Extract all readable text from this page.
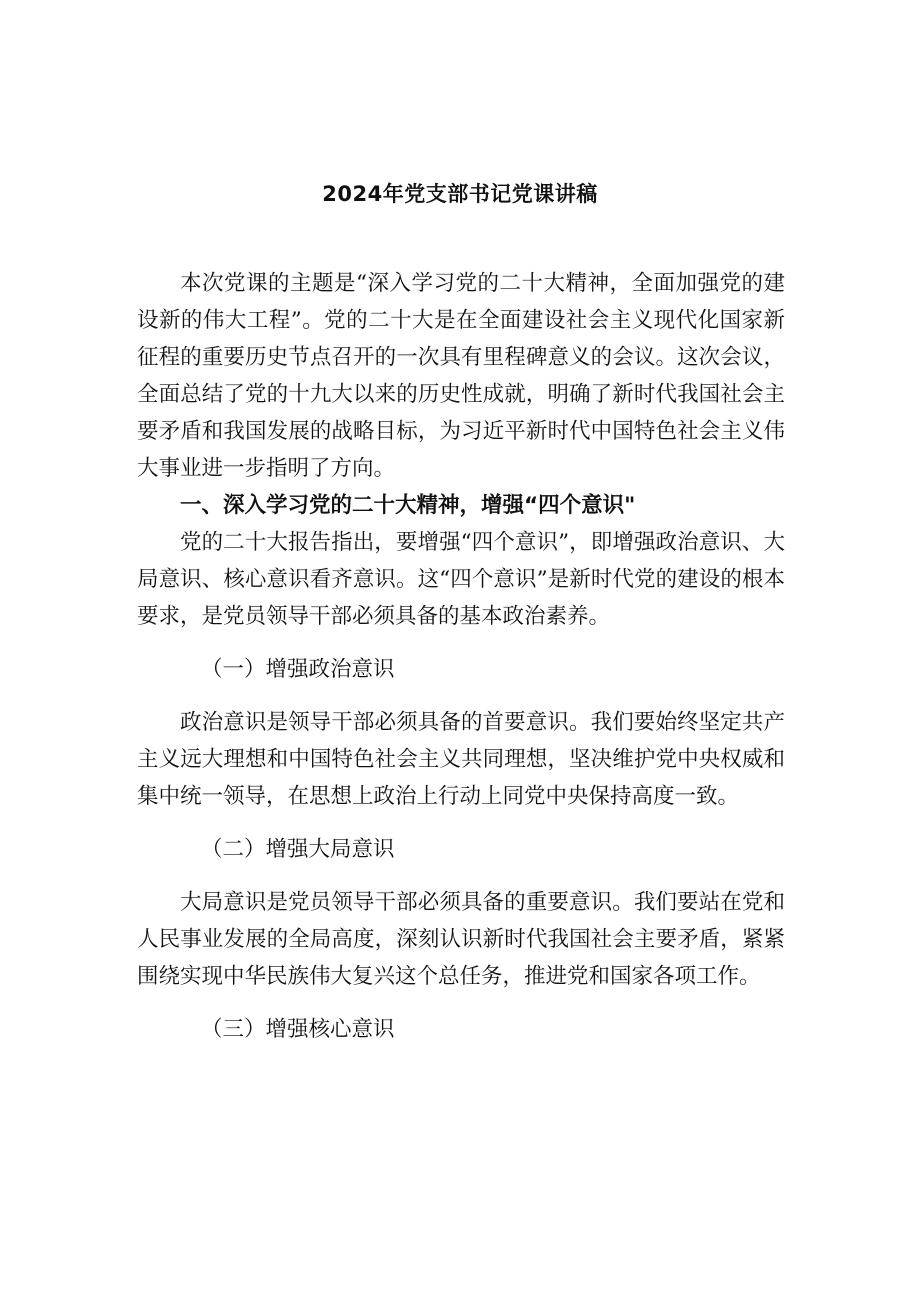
2024年党支部书记党课讲稿

本次党课的主题是“深入学习党的二十大精神，全面加强党的建设新的伟大工程”。党的二十大是在全面建设社会主义现代化国家新征程的重要历史节点召开的一次具有里程碑意义的会议。这次会议，全面总结了党的十九大以来的历史性成就，明确了新时代我国社会主要矛盾和我国发展的战略目标，为习近平新时代中国特色社会主义伟大事业进一步指明了方向。

一、深入学习党的二十大精神，增强“四个意识"

党的二十大报告指出，要增强“四个意识”，即增强政治意识、大局意识、核心意识看齐意识。这“四个意识”是新时代党的建设的根本要求，是党员领导干部必须具备的基本政治素养。

（一）增强政治意识

政治意识是领导干部必须具备的首要意识。我们要始终坚定共产主义远大理想和中国特色社会主义共同理想，坚决维护党中央权威和集中统一领导，在思想上政治上行动上同党中央保持高度一致。

（二）增强大局意识

大局意识是党员领导干部必须具备的重要意识。我们要站在党和人民事业发展的全局高度，深刻认识新时代我国社会主要矛盾，紧紧围绕实现中华民族伟大复兴这个总任务，推进党和国家各项工作。

（三）增强核心意识
